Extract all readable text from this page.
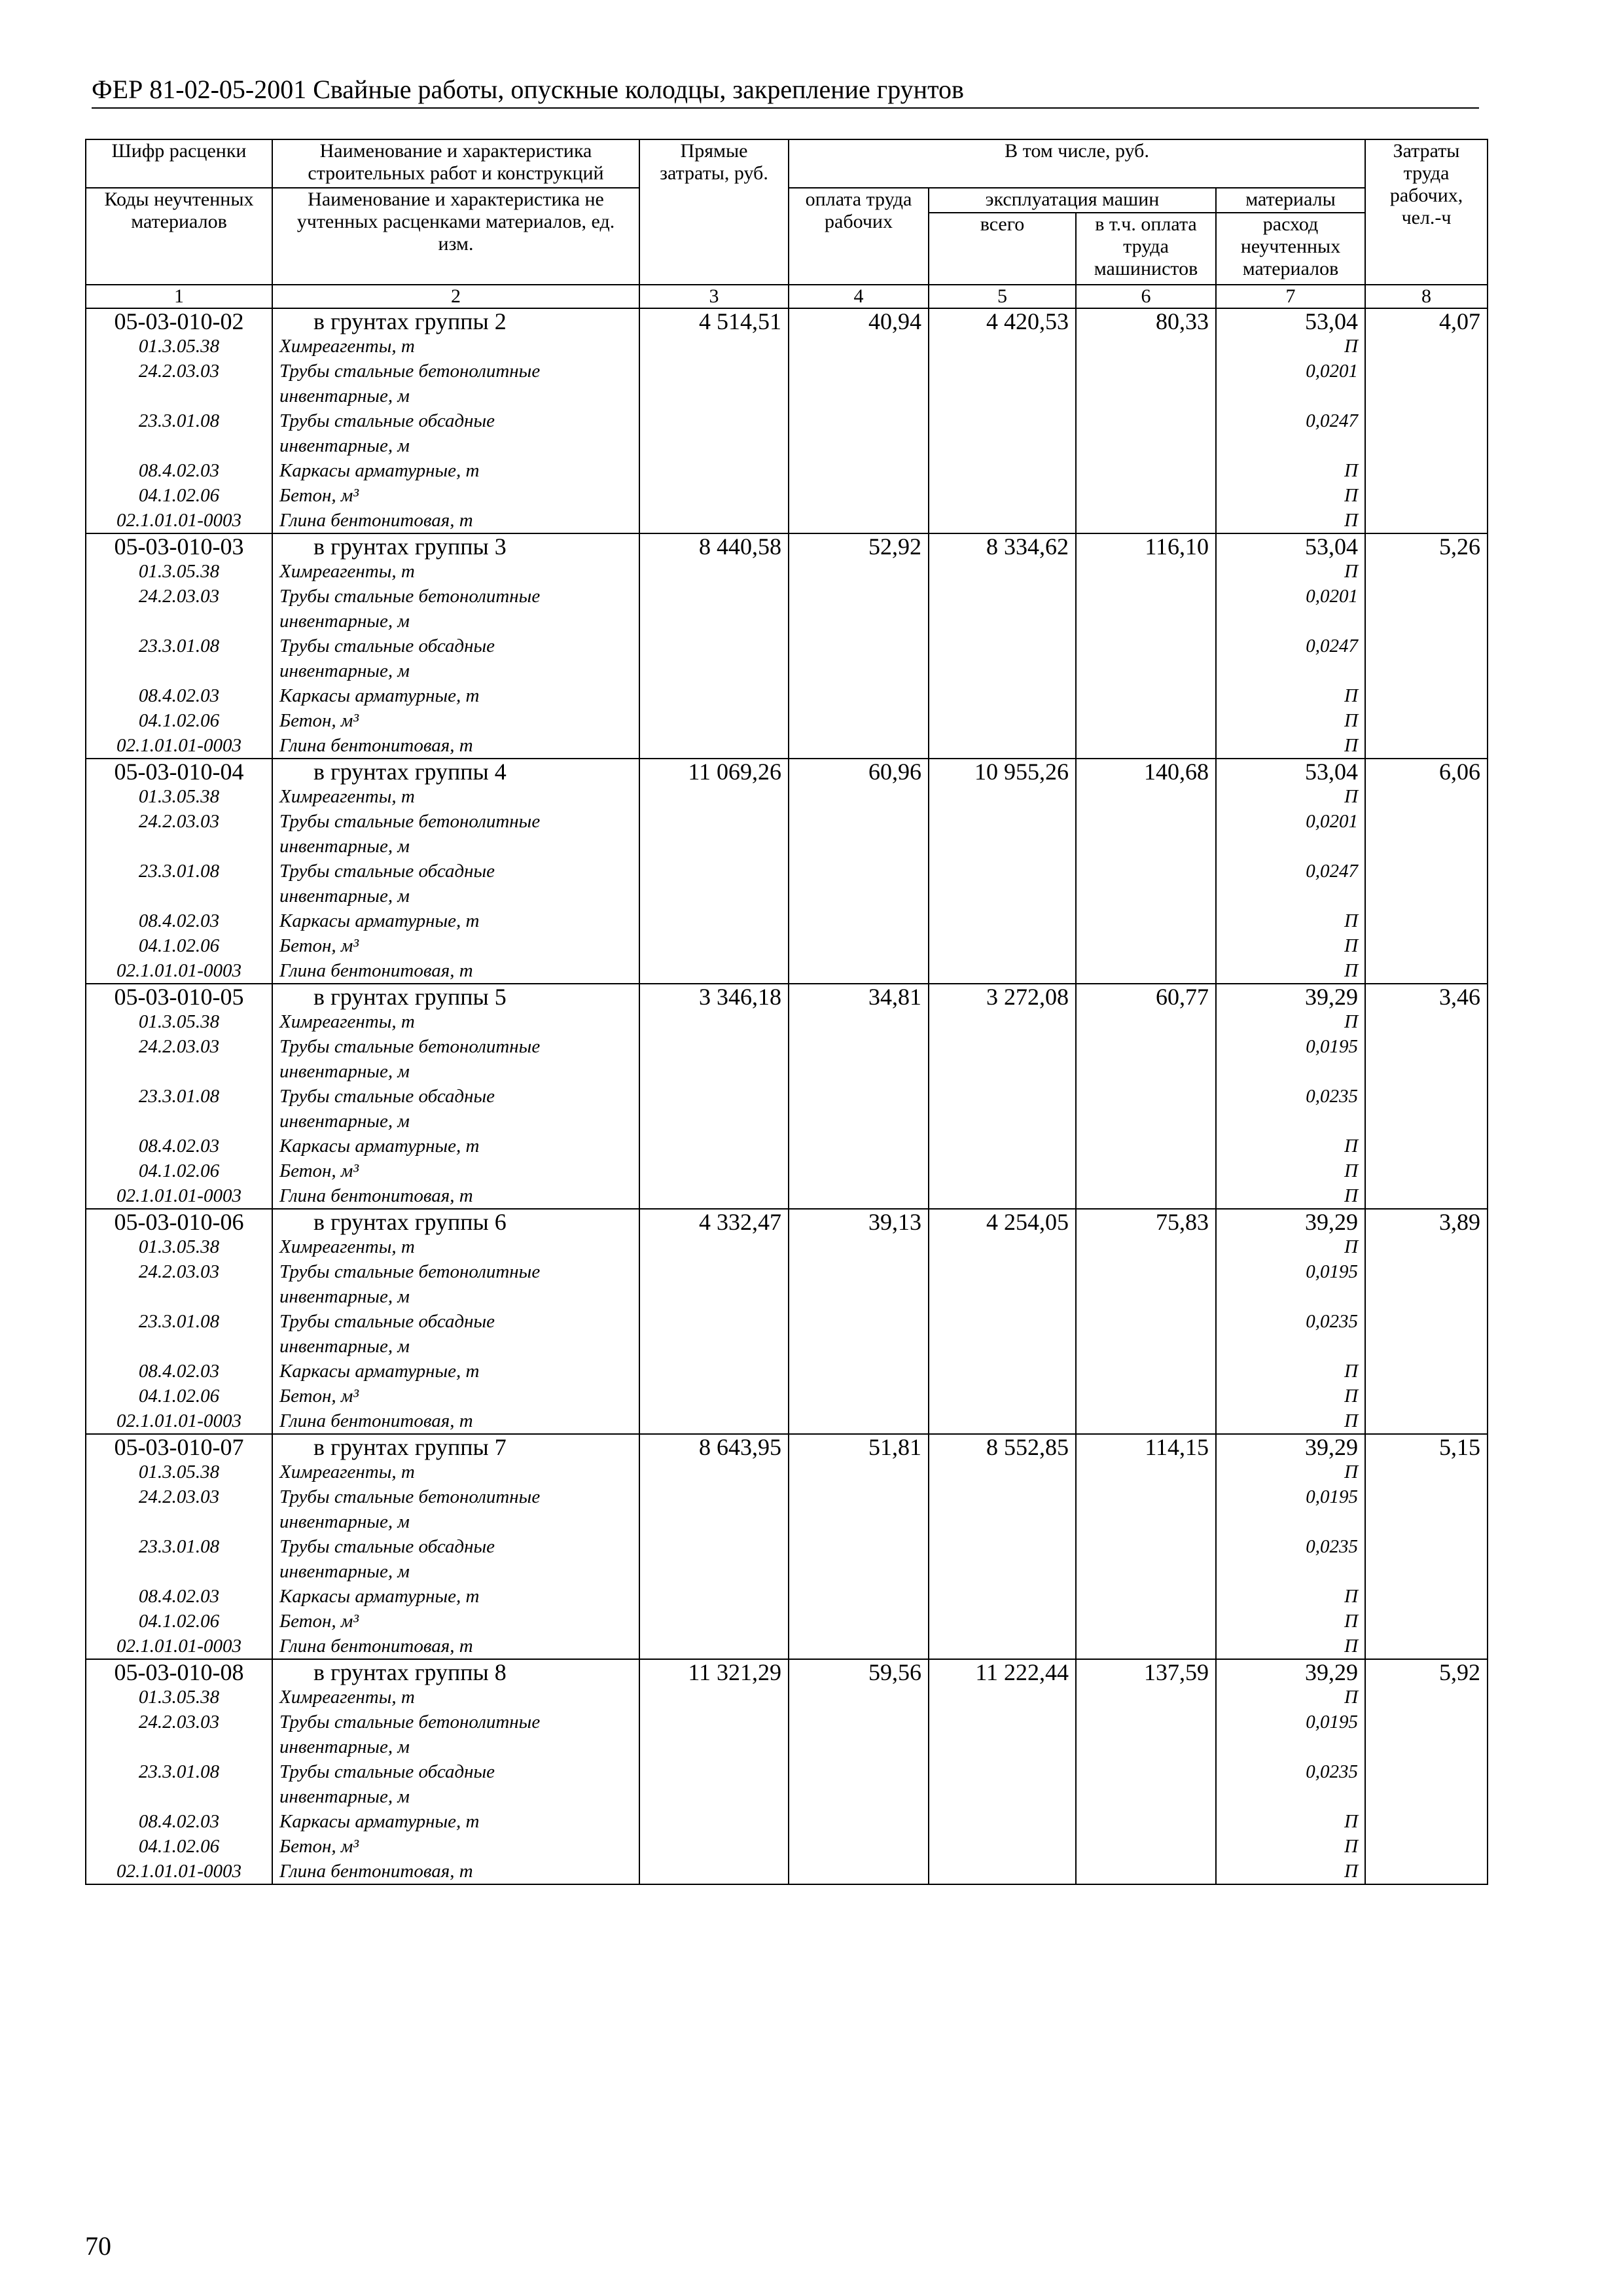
ФЕР 81-02-05-2001 Свайные работы, опускные колодцы, закрепление грунтов
Шифр расценки	Наименование и характеристика строительных работ и конструкций	Прямые затраты, руб.	В том числе, руб.				Затраты труда рабочих, чел.-ч
Коды неучтенных материалов	Наименование и характеристика не учтенных расценками материалов, ед. изм.		оплата труда рабочих	эксплуатация машин		материалы	
				всего	в т.ч. оплата труда машинистов	расход неучтенных материалов	
1	2	3	4	5	6	7	8
05-03-010-02	в грунтах группы 2	4 514,51	40,94	4 420,53	80,33	53,04	4,07
01.3.05.38	Химреагенты, т					П	
24.2.03.03	Трубы стальные бетонолитные					0,0201	
	инвентарные, м						
23.3.01.08	Трубы стальные обсадные					0,0247	
	инвентарные, м						
08.4.02.03	Каркасы арматурные, т					П	
04.1.02.06	Бетон, м³					П	
02.1.01.01-0003	Глина бентонитовая, т					П	
05-03-010-03	в грунтах группы 3	8 440,58	52,92	8 334,62	116,10	53,04	5,26
01.3.05.38	Химреагенты, т					П	
24.2.03.03	Трубы стальные бетонолитные					0,0201	
	инвентарные, м						
23.3.01.08	Трубы стальные обсадные					0,0247	
	инвентарные, м						
08.4.02.03	Каркасы арматурные, т					П	
04.1.02.06	Бетон, м³					П	
02.1.01.01-0003	Глина бентонитовая, т					П	
05-03-010-04	в грунтах группы 4	11 069,26	60,96	10 955,26	140,68	53,04	6,06
01.3.05.38	Химреагенты, т					П	
24.2.03.03	Трубы стальные бетонолитные					0,0201	
	инвентарные, м						
23.3.01.08	Трубы стальные обсадные					0,0247	
	инвентарные, м						
08.4.02.03	Каркасы арматурные, т					П	
04.1.02.06	Бетон, м³					П	
02.1.01.01-0003	Глина бентонитовая, т					П	
05-03-010-05	в грунтах группы 5	3 346,18	34,81	3 272,08	60,77	39,29	3,46
01.3.05.38	Химреагенты, т					П	
24.2.03.03	Трубы стальные бетонолитные					0,0195	
	инвентарные, м						
23.3.01.08	Трубы стальные обсадные					0,0235	
	инвентарные, м						
08.4.02.03	Каркасы арматурные, т					П	
04.1.02.06	Бетон, м³					П	
02.1.01.01-0003	Глина бентонитовая, т					П	
05-03-010-06	в грунтах группы 6	4 332,47	39,13	4 254,05	75,83	39,29	3,89
01.3.05.38	Химреагенты, т					П	
24.2.03.03	Трубы стальные бетонолитные					0,0195	
	инвентарные, м						
23.3.01.08	Трубы стальные обсадные					0,0235	
	инвентарные, м						
08.4.02.03	Каркасы арматурные, т					П	
04.1.02.06	Бетон, м³					П	
02.1.01.01-0003	Глина бентонитовая, т					П	
05-03-010-07	в грунтах группы 7	8 643,95	51,81	8 552,85	114,15	39,29	5,15
01.3.05.38	Химреагенты, т					П	
24.2.03.03	Трубы стальные бетонолитные					0,0195	
	инвентарные, м						
23.3.01.08	Трубы стальные обсадные					0,0235	
	инвентарные, м						
08.4.02.03	Каркасы арматурные, т					П	
04.1.02.06	Бетон, м³					П	
02.1.01.01-0003	Глина бентонитовая, т					П	
05-03-010-08	в грунтах группы 8	11 321,29	59,56	11 222,44	137,59	39,29	5,92
01.3.05.38	Химреагенты, т					П	
24.2.03.03	Трубы стальные бетонолитные					0,0195	
	инвентарные, м						
23.3.01.08	Трубы стальные обсадные					0,0235	
	инвентарные, м						
08.4.02.03	Каркасы арматурные, т					П	
04.1.02.06	Бетон, м³					П	
02.1.01.01-0003	Глина бентонитовая, т					П	
70
